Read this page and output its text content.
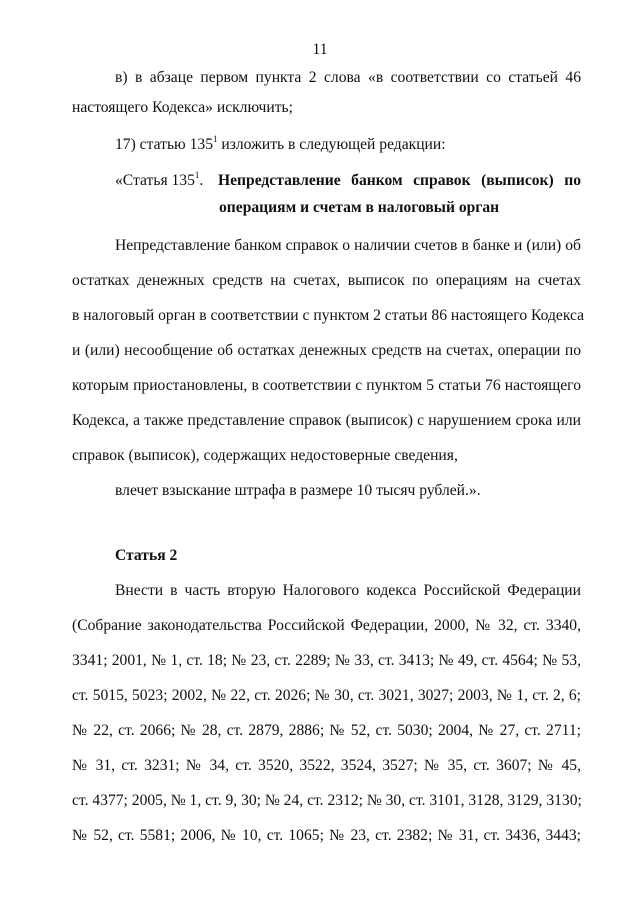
11
в) в абзаце первом пункта 2 слова «в соответствии со статьей 46
настоящего Кодекса» исключить;
17) статью $135^1$ изложить в следующей редакции:
«Статья $135^1$. Непредставление банком справок (выписок) по
операциям и счетам в налоговый орган
Непредставление банком справок о наличии счетов в банке и (или) об
остатках денежных средств на счетах, выписок по операциям на счетах
в налоговый орган в соответствии с пунктом 2 статьи 86 настоящего Кодекса
и (или) несообщение об остатках денежных средств на счетах, операции по
которым приостановлены, в соответствии с пунктом 5 статьи 76 настоящего
Кодекса, а также представление справок (выписок) с нарушением срока или
справок (выписок), содержащих недостоверные сведения,
влечет взыскание штрафа в размере 10 тысяч рублей.».
Статья 2
Внести в часть вторую Налогового кодекса Российской Федерации
(Собрание законодательства Российской Федерации, 2000, № 32, ст. 3340,
3341; 2001, № 1, ст. 18; № 23, ст. 2289; № 33, ст. 3413; № 49, ст. 4564; № 53,
ст. 5015, 5023; 2002, № 22, ст. 2026; № 30, ст. 3021, 3027; 2003, № 1, ст. 2, 6;
№ 22, ст. 2066; № 28, ст. 2879, 2886; № 52, ст. 5030; 2004, № 27, ст. 2711;
№ 31, ст. 3231; № 34, ст. 3520, 3522, 3524, 3527; № 35, ст. 3607; № 45,
ст. 4377; 2005, № 1, ст. 9, 30; № 24, ст. 2312; № 30, ст. 3101, 3128, 3129, 3130;
№ 52, ст. 5581; 2006, № 10, ст. 1065; № 23, ст. 2382; № 31, ст. 3436, 3443;
